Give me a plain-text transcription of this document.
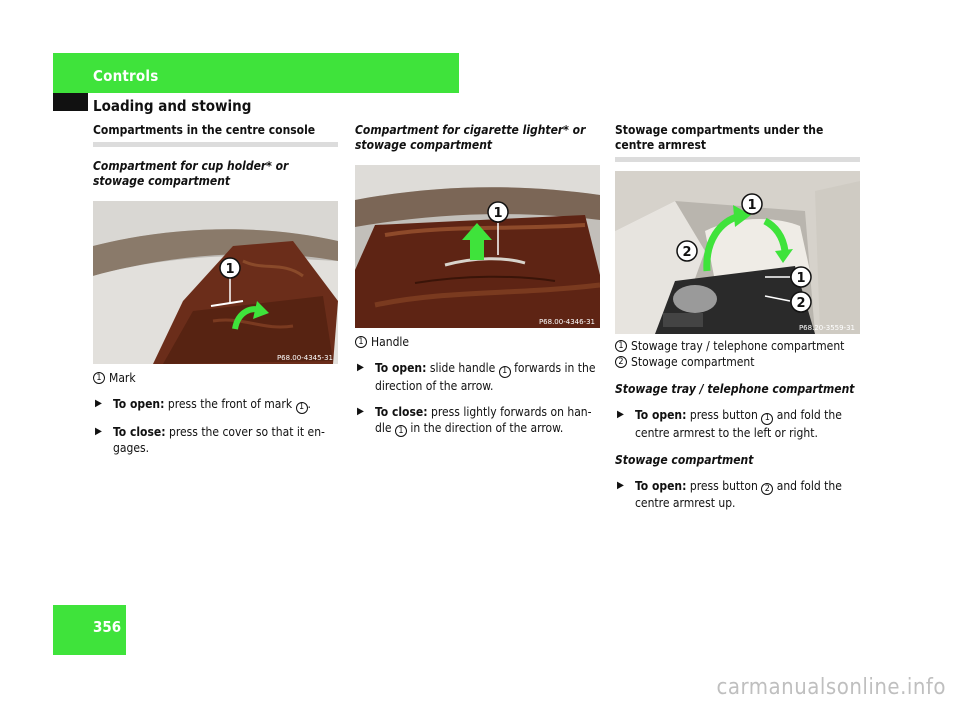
Controls
Loading and stowing

Compartments in the centre console

Compartment for cup holder* or stowage compartment

1
P68.00-4345-31
1 Mark

▶ To open: press the front of mark 1 .

▶ To close: press the cover so that it en-gages.

Compartment for cigarette lighter* or stowage compartment

1
P68.00-4346-31
1 Handle

▶ To open: slide handle 1 forwards in the direction of the arrow.

▶ To close: press lightly forwards on han-dle 1 in the direction of the arrow.

Stowage compartments under the centre armrest

2
1
1
2
P68.20-3559-31
1 Stowage tray / telephone compartment
2 Stowage compartment

Stowage tray / telephone compartment

▶ To open: press button 1 and fold the centre armrest to the left or right.

Stowage compartment

▶ To open: press button 2 and fold the centre armrest up.

356
carmanualsonline.info
